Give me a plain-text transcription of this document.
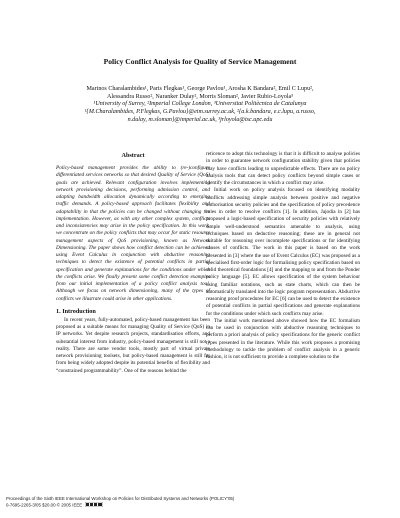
Policy Conflict Analysis for Quality of Service Management
Marinos Charalambides¹, Paris Flegkas¹, George Pavlou¹, Arosha K Bandara², Emil C Lupu²,
Alessandra Russo², Naranker Dulay², Morris Sloman², Javier Rubio-Loyola³
¹University of Surrey, ²Imperial College London, ³Universitat Politècnica de Catalunya
¹{M.Charalambides, P.Flegkas, G.Pavlou}@eim.surrey.ac.uk, ²{a.k.bandara, e.c.lupu, a.russo,
n.dulay, m.sloman}@imperial.ac.uk, ³jrloyola@tsc.upc.edu
Abstract

Policy-based management provides the ability to (re-)configure differentiated services networks so that desired Quality of Service (QoS) goals are achieved. Relevant configuration involves implementing network provisioning decisions, performing admission control, and adapting bandwidth allocation dynamically according to emerging traffic demands. A policy-based approach facilitates flexibility and adaptability in that the policies can be changed without changing the implementation. However, as with any other complex system, conflicts and inconsistencies may arise in the policy specification. In this work, we concentrate on the policy conflicts that may occur for static resource management aspects of QoS provisioning, known as Network Dimensioning. The paper shows how conflict detection can be achieved using Event Calculus in conjunction with abductive reasoning techniques to detect the existence of potential conflicts in partial specification and generate explanations for the conditions under which the conflicts arise. We finally present some conflict detection examples from our initial implementation of a policy conflict analysis tool. Although we focus on network dimensioning, many of the types of conflicts we illustrate could arise in other applications.

1. Introduction

In recent years, fully-automated, policy-based management has been proposed as a suitable means for managing Quality of Service (QoS) in IP networks. Yet despite research projects, standardisation efforts, and substantial interest from industry, policy-based management is still not a reality. There are some vendor tools, mostly part of virtual private network provisioning toolsets, but policy-based management is still far from being widely adopted despite its potential benefits of flexibility and “constrained programmability”. One of the reasons behind the

reticence to adopt this technology is that it is difficult to analyse policies in order to guarantee network configuration stability given that policies may have conflicts leading to unpredictable effects. There are no policy analysis tools that can detect policy conflicts beyond simple cases or identify the circumstances in which a conflict may arise.

Initial work on policy analysis focused on identifying modality conflicts addressing simple analysis between positive and negative authorisation security policies and the specification of policy precedence rules in order to resolve conflicts [1]. In addition, Jajodia in [2] has proposed a logic-based specification of security policies with relatively simple well-understood semantics amenable to analysis, using techniques based on deductive reasoning; these are in general not suitable for reasoning over incomplete specifications or for identifying causes of conflicts. The work in this paper is based on the work presented in [3] where the use of Event Calculus (EC) was proposed as a specialised first-order logic for formalising policy specification based on solid theoretical foundations [4] and the mapping to and from the Ponder policy language [5]. EC allows specification of the system behaviour using familiar notations, such as state charts, which can then be automatically translated into the logic program representation. Abductive reasoning proof procedures for EC [6] can be used to detect the existence of potential conflicts in partial specifications and generate explanations for the conditions under which such conflicts may arise.

The initial work mentioned above showed how the EC formalism can be used in conjunction with abductive reasoning techniques to perform a priori analysis of policy specifications for the generic conflict types presented in the literature. While this work proposes a promising methodology to tackle the problem of conflict analysis in a generic fashion, it is not sufficient to provide a complete solution to the

Proceedings of the Sixth IEEE International Workshop on Policies for Distributed Systems and Networks (POLICY’05)
0-7695-2265-3/05 $20.00 © 2005 IEEE
